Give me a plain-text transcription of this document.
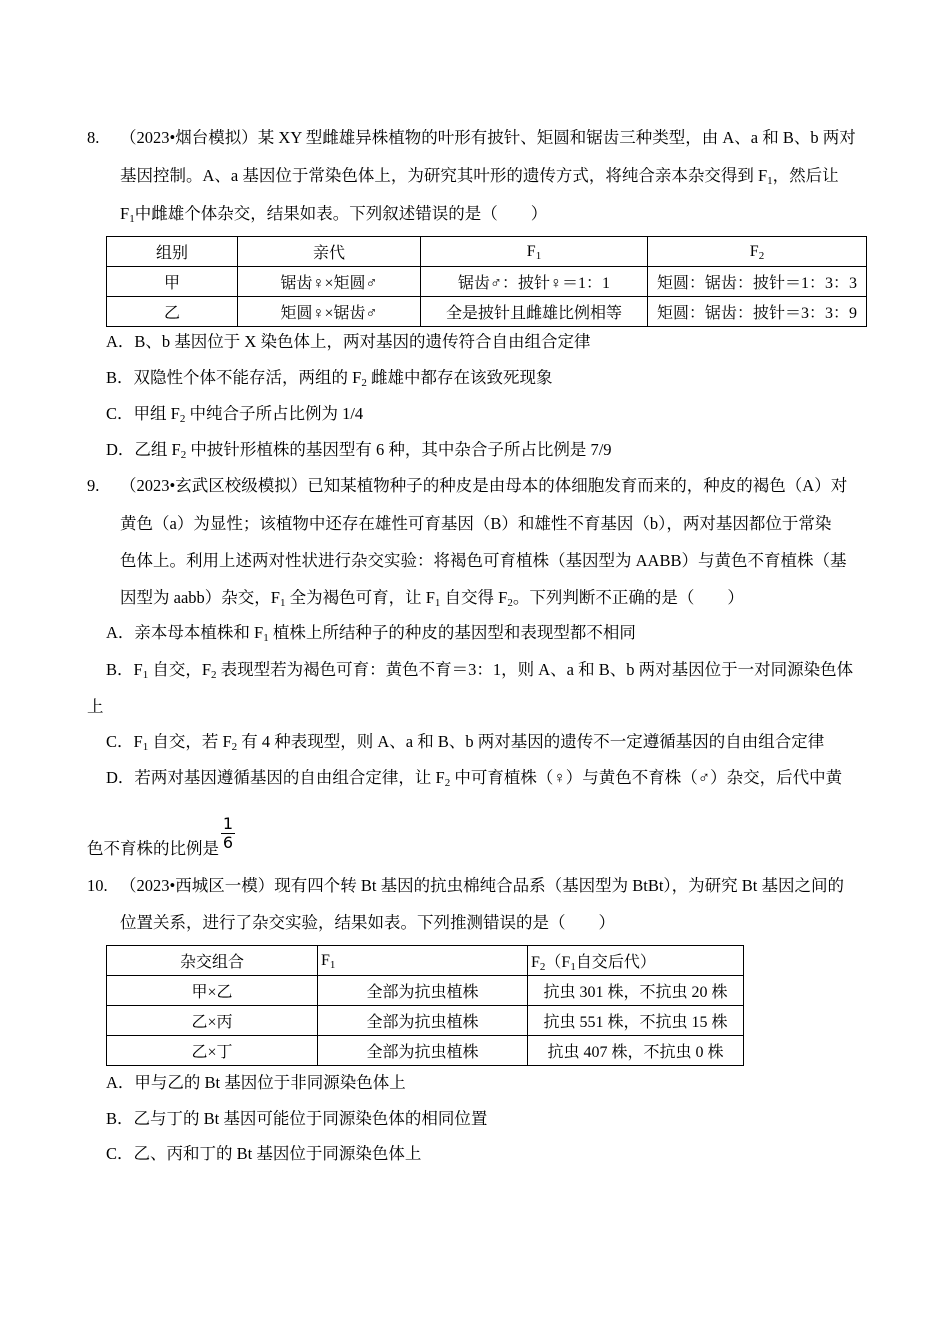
8. （2023•烟台模拟）某 XY 型雌雄异株植物的叶形有披针、矩圆和锯齿三种类型，由 A、a 和 B、b 两对
基因控制。A、a 基因位于常染色体上，为研究其叶形的遗传方式，将纯合亲本杂交得到 $F_1$，然后让
$F_1$中雌雄个体杂交，结果如表。下列叙述错误的是（　　）
组别	亲代	$F_1$	$F_2$
甲	锯齿♀×矩圆♂	锯齿♂：披针♀＝1：1	矩圆：锯齿：披针＝1：3：3
乙	矩圆♀×锯齿♂	全是披针且雌雄比例相等	矩圆：锯齿：披针＝3：3：9
A．B、b 基因位于 X 染色体上，两对基因的遗传符合自由组合定律
B．双隐性个体不能存活，两组的 $F_2$ 雌雄中都存在该致死现象
C．甲组 $F_2$ 中纯合子所占比例为 1/4
D．乙组 $F_2$ 中披针形植株的基因型有 6 种，其中杂合子所占比例是 7/9
9. （2023•玄武区校级模拟）已知某植物种子的种皮是由母本的体细胞发育而来的，种皮的褐色（A）对
黄色（a）为显性；该植物中还存在雄性可育基因（B）和雄性不育基因（b），两对基因都位于常染
色体上。利用上述两对性状进行杂交实验：将褐色可育植株（基因型为 AABB）与黄色不育植株（基
因型为 aabb）杂交，$F_1$ 全为褐色可育，让 $F_1$ 自交得 $F_2$。下列判断不正确的是（　　）
A．亲本母本植株和 $F_1$ 植株上所结种子的种皮的基因型和表现型都不相同
B．$F_1$ 自交，$F_2$ 表现型若为褐色可育：黄色不育＝3：1，则 A、a 和 B、b 两对基因位于一对同源染色体
上
C．$F_1$ 自交，若 $F_2$ 有 4 种表现型，则 A、a 和 B、b 两对基因的遗传不一定遵循基因的自由组合定律
D．若两对基因遵循基因的自由组合定律，让 $F_2$ 中可育植株（♀）与黄色不育株（♂）杂交，后代中黄
色不育株的比例是
1
6
10. （2023•西城区一模）现有四个转 Bt 基因的抗虫棉纯合品系（基因型为 BtBt），为研究 Bt 基因之间的
位置关系，进行了杂交实验，结果如表。下列推测错误的是（　　）
杂交组合	$F_1$	$F_2(F_1$自交后代）
甲×乙	全部为抗虫植株	抗虫 301 株，不抗虫 20 株
乙×丙	全部为抗虫植株	抗虫 551 株，不抗虫 15 株
乙×丁	全部为抗虫植株	抗虫 407 株，不抗虫 0 株
A．甲与乙的 Bt 基因位于非同源染色体上
B．乙与丁的 Bt 基因可能位于同源染色体的相同位置
C．乙、丙和丁的 Bt 基因位于同源染色体上
